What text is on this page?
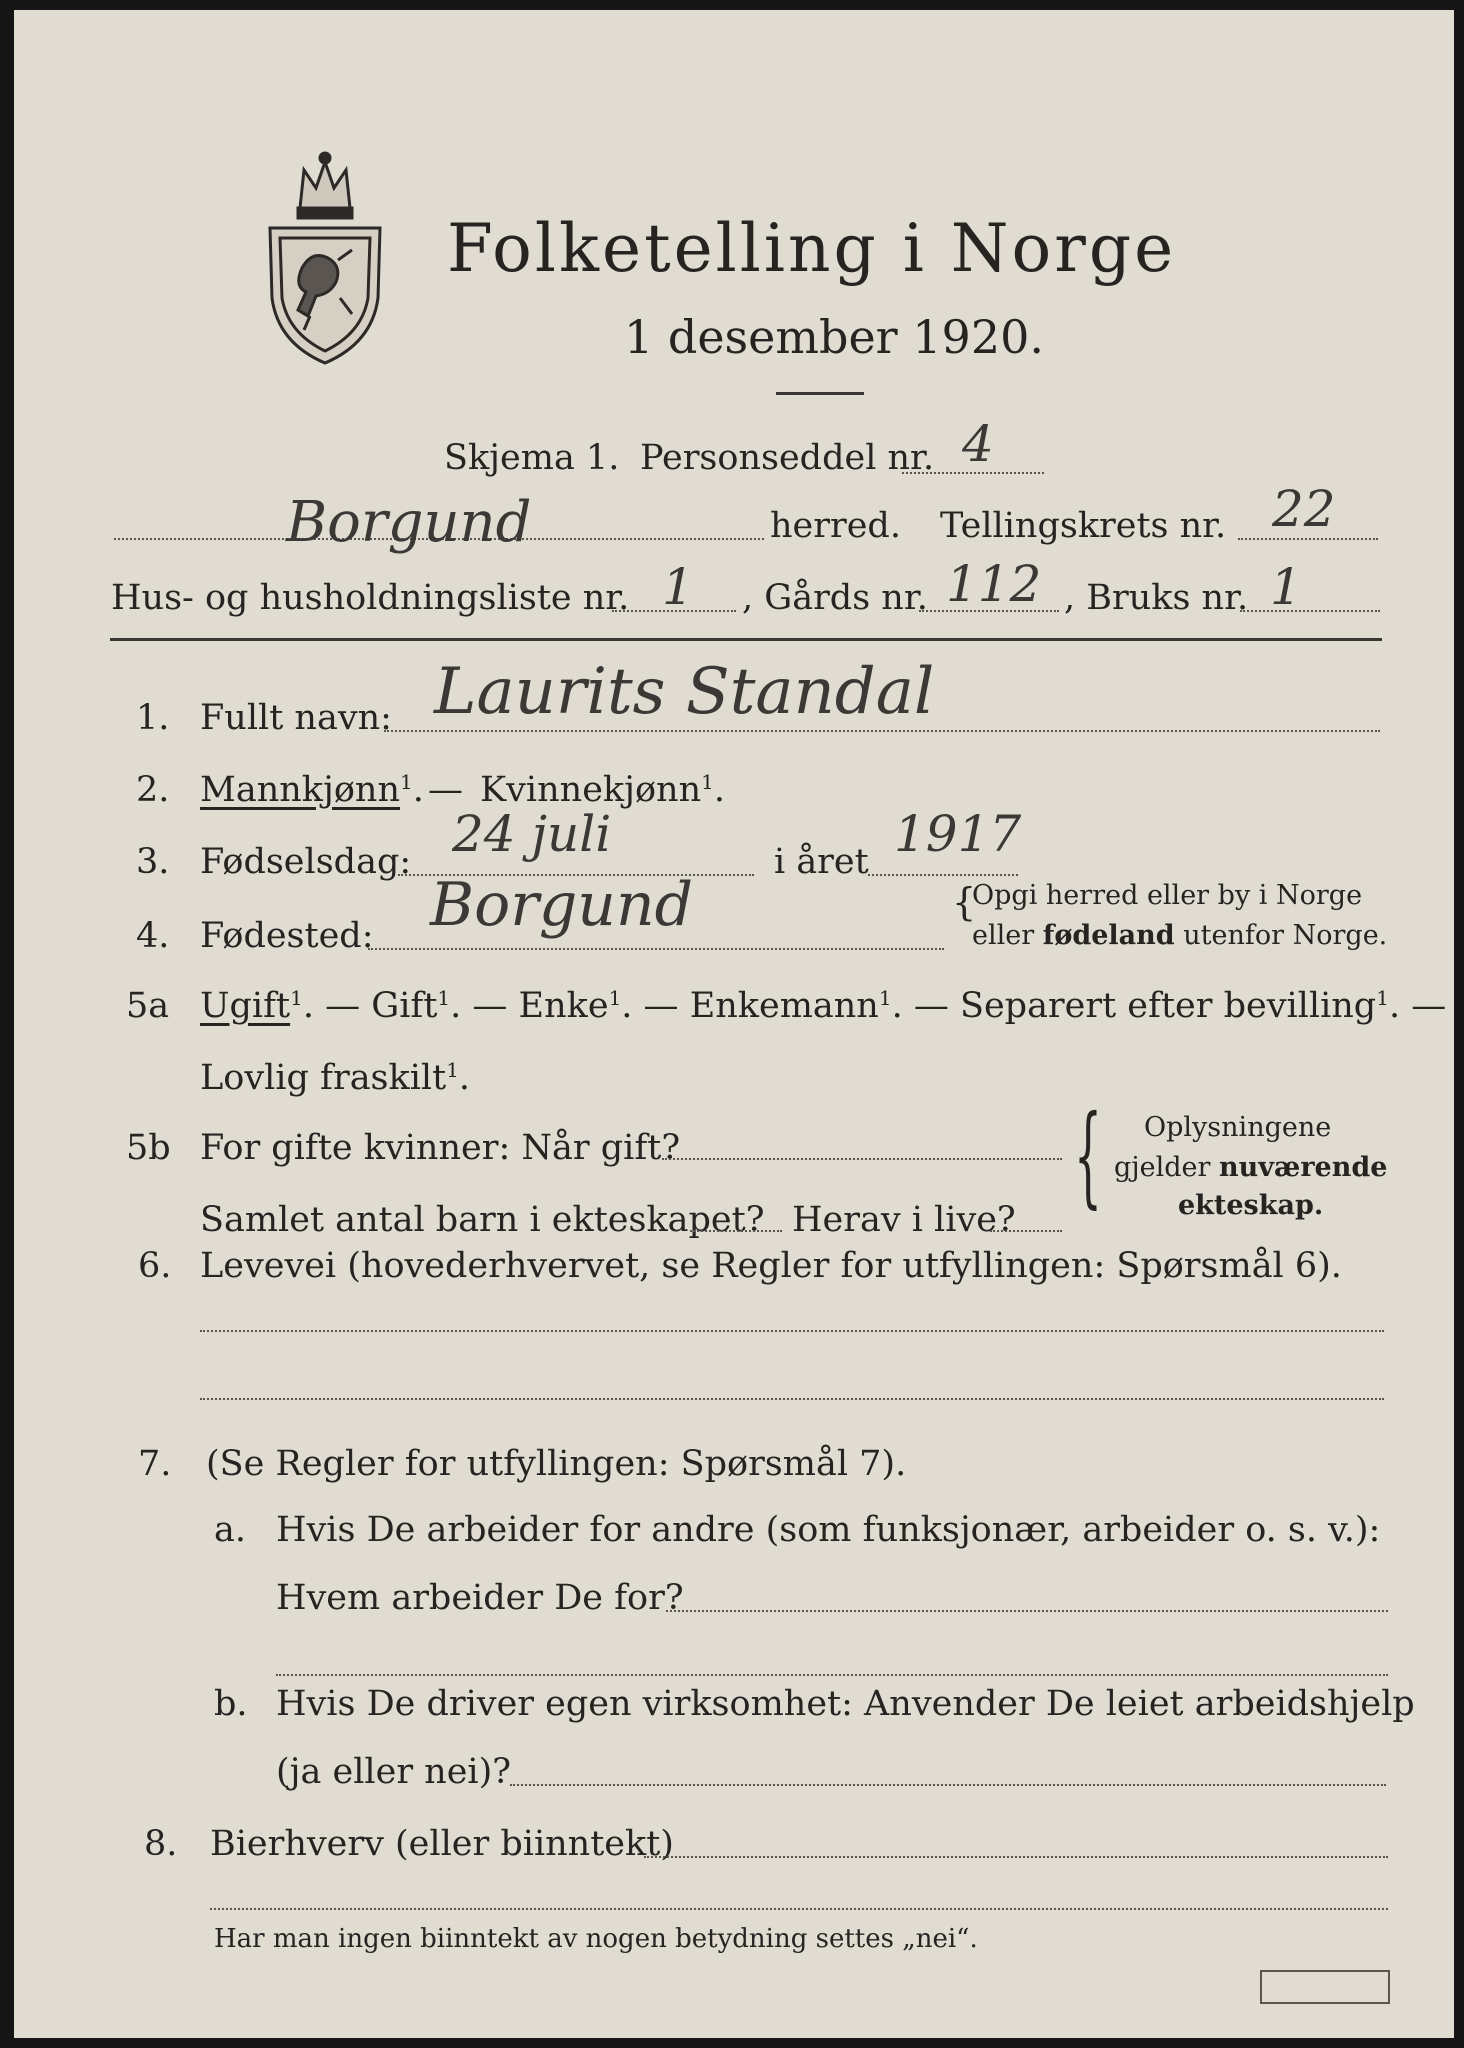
Folketelling i Norge
1 desember 1920.
Skjema 1. Personseddel nr. 4
Borgund	herred. Tellingskrets nr. 22
Hus- og husholdningsliste nr. 1 , Gårds nr. 112 , Bruks nr. 1
1. Fullt navn: Laurits Standal
2. Mannkjønn$^1$. — Kvinnekjønn$^1$.
3. Fødselsdag: 24 juli	i året 1917
4. Fødested: Borgund	{
Opgi herred eller by i Norge
eller fødeland utenfor Norge.
5a Ugift$^1$. — Gift$^1$. — Enke$^1$. — Enkemann$^1$. — Separert efter bevilling$^1$. —
Lovlig fraskilt$^1$.
5b For gifte kvinner: Når gift?
Samlet antal barn i ekteskapet? Herav i live?
{ Oplysningene
gjelder nuværende
ekteskap.
6. Levevei (hovederhvervet, se Regler for utfyllingen: Spørsmål 6).
7. (Se Regler for utfyllingen: Spørsmål 7).
a. Hvis De arbeider for andre (som funksjonær, arbeider o. s. v.):
Hvem arbeider De for?
b. Hvis De driver egen virksomhet: Anvender De leiet arbeidshjelp
(ja eller nei)?
8. Bierhverv (eller biinntekt)
Har man ingen biinntekt av nogen betydning settes „nei“.
